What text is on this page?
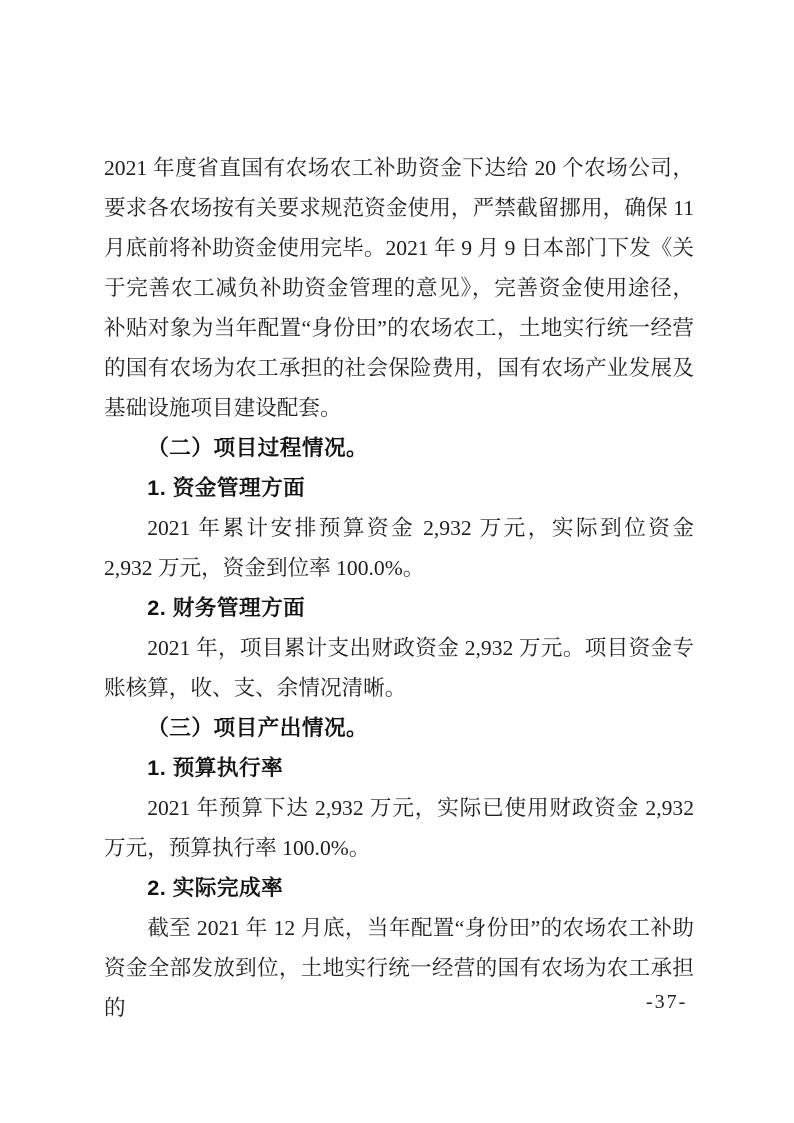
2021 年度省直国有农场农工补助资金下达给 20 个农场公司，要求各农场按有关要求规范资金使用，严禁截留挪用，确保 11 月底前将补助资金使用完毕。2021 年 9 月 9 日本部门下发《关于完善农工减负补助资金管理的意见》，完善资金使用途径，补贴对象为当年配置“身份田”的农场农工，土地实行统一经营的国有农场为农工承担的社会保险费用，国有农场产业发展及基础设施项目建设配套。

（二）项目过程情况。

1. 资金管理方面

2021 年累计安排预算资金 2,932 万元，实际到位资金 2,932 万元，资金到位率 100.0%。

2. 财务管理方面

2021 年，项目累计支出财政资金 2,932 万元。项目资金专账核算，收、支、余情况清晰。

（三）项目产出情况。

1. 预算执行率

2021 年预算下达 2,932 万元，实际已使用财政资金 2,932 万元，预算执行率 100.0%。

2. 实际完成率

截至 2021 年 12 月底，当年配置“身份田”的农场农工补助资金全部发放到位，土地实行统一经营的国有农场为农工承担的	-37-
